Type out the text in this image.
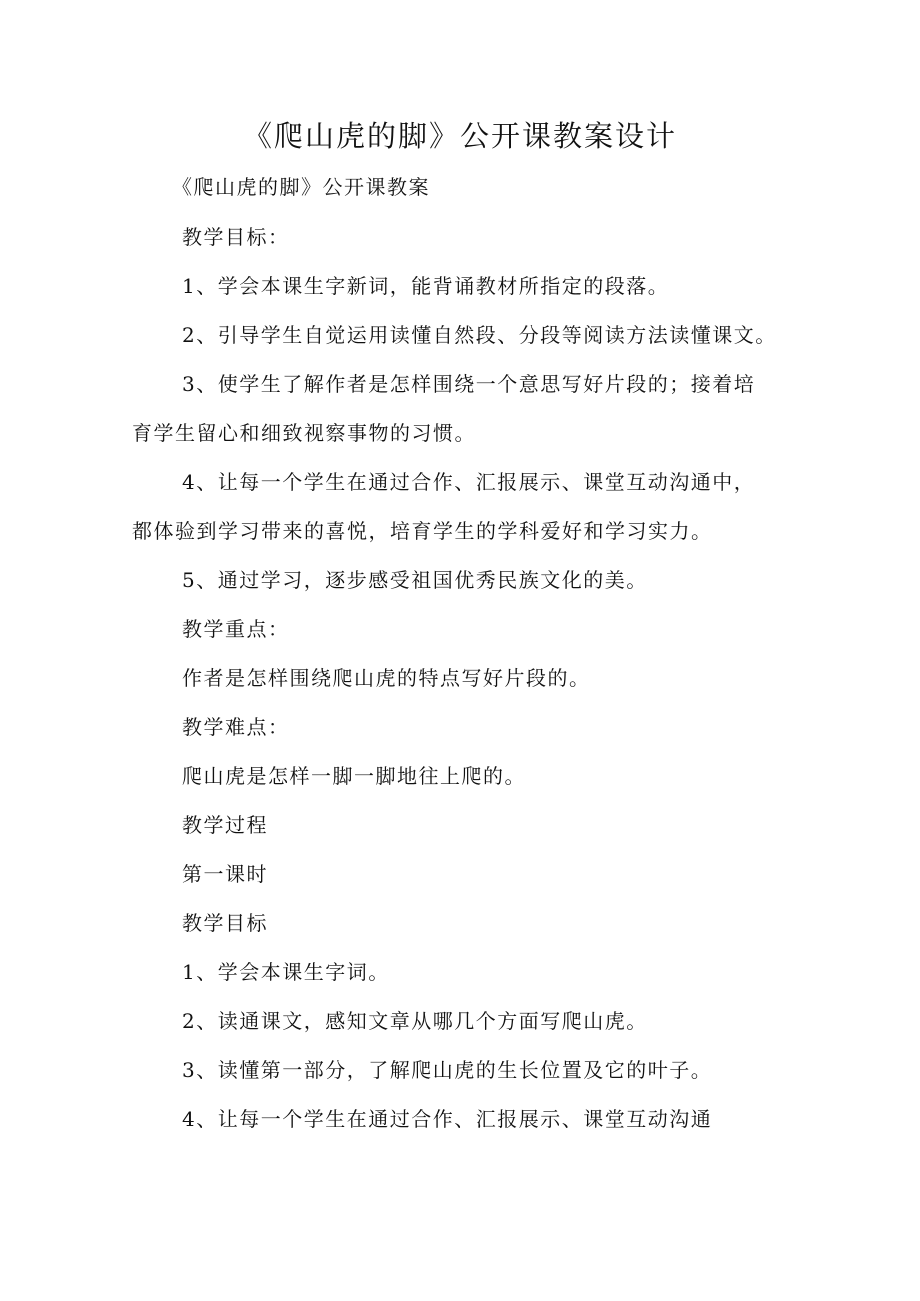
《爬山虎的脚》公开课教案设计

《爬山虎的脚》公开课教案

教学目标：

1、学会本课生字新词，能背诵教材所指定的段落。

2、引导学生自觉运用读懂自然段、分段等阅读方法读懂课文。

3、使学生了解作者是怎样围绕一个意思写好片段的；接着培

育学生留心和细致视察事物的习惯。

4、让每一个学生在通过合作、汇报展示、课堂互动沟通中，

都体验到学习带来的喜悦，培育学生的学科爱好和学习实力。

5、通过学习，逐步感受祖国优秀民族文化的美。

教学重点：

作者是怎样围绕爬山虎的特点写好片段的。

教学难点：

爬山虎是怎样一脚一脚地往上爬的。

教学过程

第一课时

教学目标

1、学会本课生字词。

2、读通课文，感知文章从哪几个方面写爬山虎。

3、读懂第一部分，了解爬山虎的生长位置及它的叶子。

4、让每一个学生在通过合作、汇报展示、课堂互动沟通
